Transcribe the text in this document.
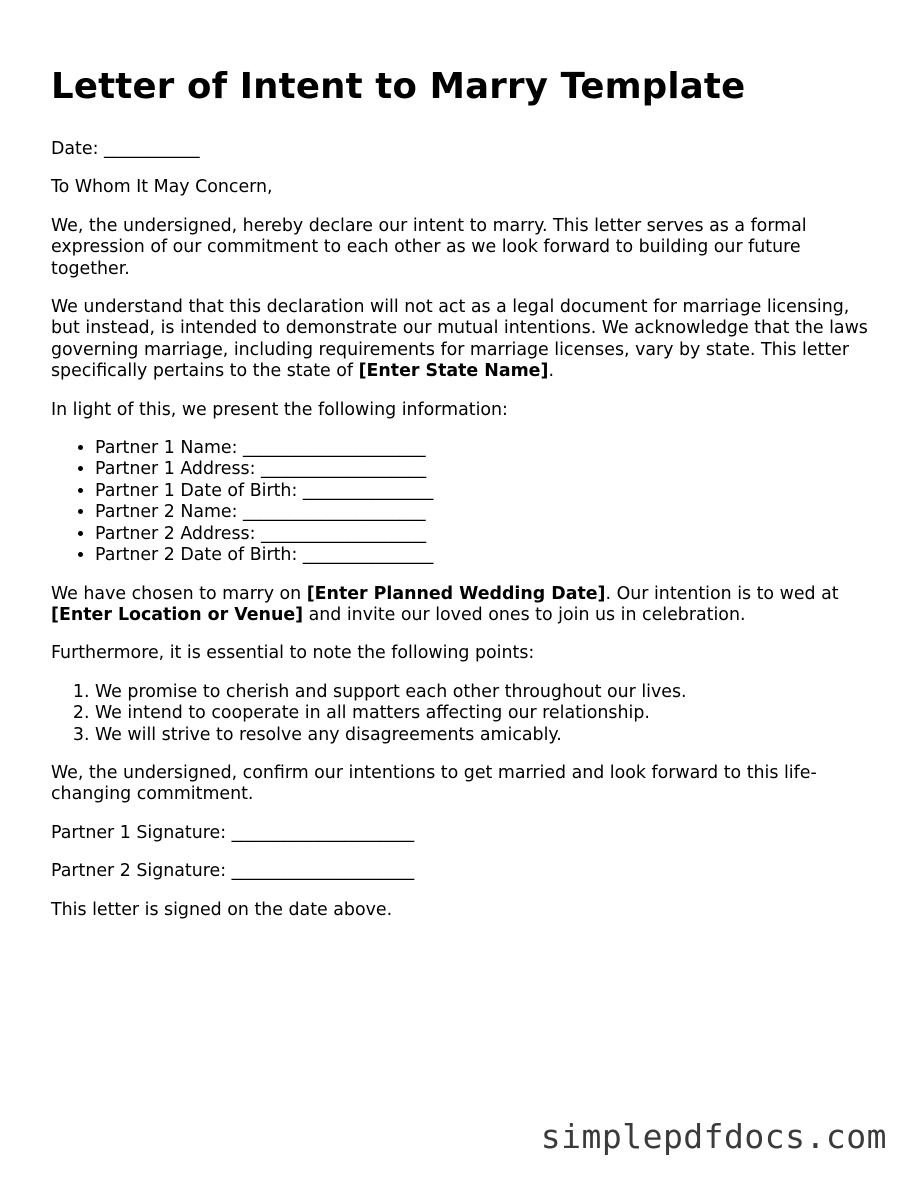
Letter of Intent to Marry Template

Date: ___________

To Whom It May Concern,

We, the undersigned, hereby declare our intent to marry. This letter serves as a formal expression of our commitment to each other as we look forward to building our future together.

We understand that this declaration will not act as a legal document for marriage licensing, but instead, is intended to demonstrate our mutual intentions. We acknowledge that the laws governing marriage, including requirements for marriage licenses, vary by state. This letter specifically pertains to the state of [Enter State Name].

In light of this, we present the following information:

• Partner 1 Name: _____________________
• Partner 1 Address: ___________________
• Partner 1 Date of Birth: _______________
• Partner 2 Name: _____________________
• Partner 2 Address: ___________________
• Partner 2 Date of Birth: _______________

We have chosen to marry on [Enter Planned Wedding Date]. Our intention is to wed at [Enter Location or Venue] and invite our loved ones to join us in celebration.

Furthermore, it is essential to note the following points:

1. We promise to cherish and support each other throughout our lives.
2. We intend to cooperate in all matters affecting our relationship.
3. We will strive to resolve any disagreements amicably.

We, the undersigned, confirm our intentions to get married and look forward to this life-changing commitment.

Partner 1 Signature: _____________________

Partner 2 Signature: _____________________

This letter is signed on the date above.

simplepdfdocs.com
